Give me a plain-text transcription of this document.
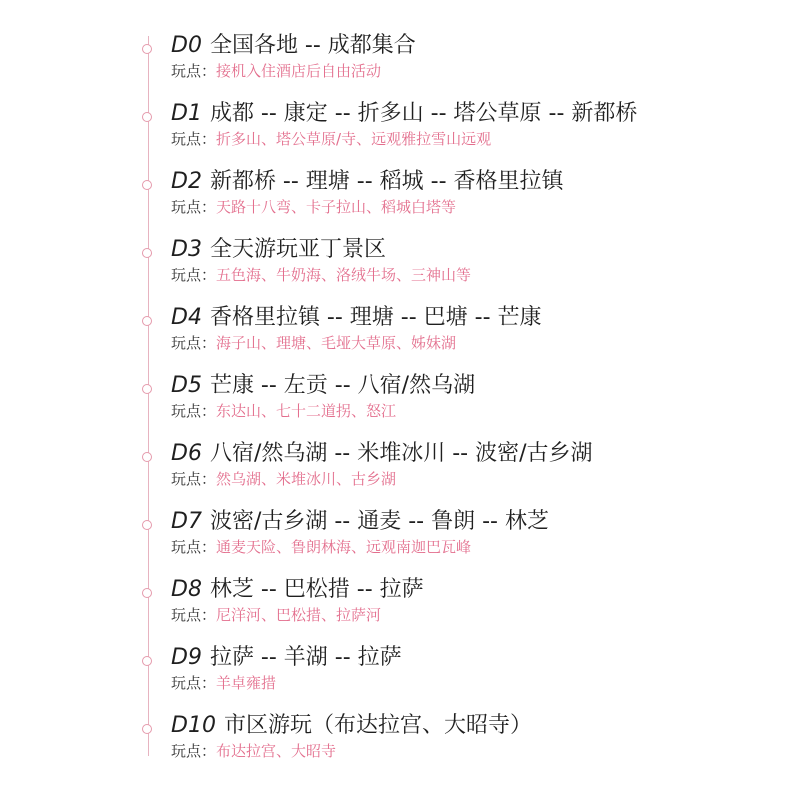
D0 全国各地 -- 成都集合
玩点：接机入住酒店后自由活动
D1 成都 -- 康定 -- 折多山 -- 塔公草原 -- 新都桥
玩点：折多山、塔公草原/寺、远观雅拉雪山远观
D2 新都桥 -- 理塘 -- 稻城 -- 香格里拉镇
玩点：天路十八弯、卡子拉山、稻城白塔等
D3 全天游玩亚丁景区
玩点：五色海、牛奶海、洛绒牛场、三神山等
D4 香格里拉镇 -- 理塘 -- 巴塘 -- 芒康
玩点：海子山、理塘、毛垭大草原、姊妹湖
D5 芒康 -- 左贡 -- 八宿/然乌湖
玩点：东达山、七十二道拐、怒江
D6 八宿/然乌湖 -- 米堆冰川 -- 波密/古乡湖
玩点：然乌湖、米堆冰川、古乡湖
D7 波密/古乡湖 -- 通麦 -- 鲁朗 -- 林芝
玩点：通麦天险、鲁朗林海、远观南迦巴瓦峰
D8 林芝 -- 巴松措 -- 拉萨
玩点：尼洋河、巴松措、拉萨河
D9 拉萨 -- 羊湖 -- 拉萨
玩点：羊卓雍措
D10 市区游玩（布达拉宫、大昭寺）
玩点：布达拉宫、大昭寺
